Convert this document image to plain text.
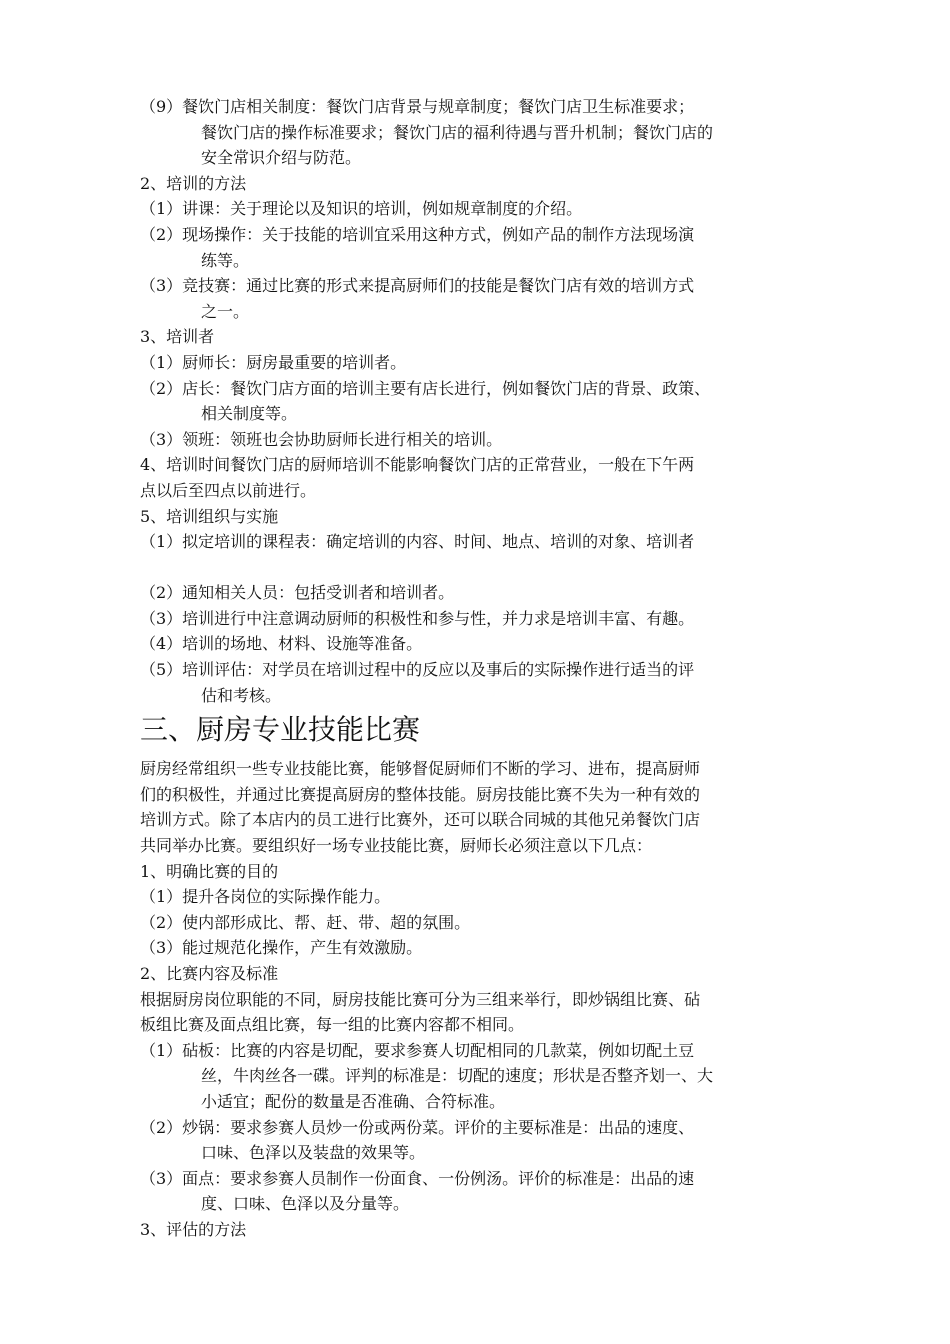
（9）餐饮门店相关制度：餐饮门店背景与规章制度；餐饮门店卫生标准要求；
餐饮门店的操作标准要求；餐饮门店的福利待遇与晋升机制；餐饮门店的
安全常识介绍与防范。
2、培训的方法
（1）讲课：关于理论以及知识的培训，例如规章制度的介绍。
（2）现场操作：关于技能的培训宜采用这种方式，例如产品的制作方法现场演
练等。
（3）竞技赛：通过比赛的形式来提高厨师们的技能是餐饮门店有效的培训方式
之一。
3、培训者
（1）厨师长：厨房最重要的培训者。
（2）店长：餐饮门店方面的培训主要有店长进行，例如餐饮门店的背景、政策、
相关制度等。
（3）领班：领班也会协助厨师长进行相关的培训。
4、培训时间餐饮门店的厨师培训不能影响餐饮门店的正常营业，一般在下午两
点以后至四点以前进行。
5、培训组织与实施
（1）拟定培训的课程表：确定培训的内容、时间、地点、培训的对象、培训者
（2）通知相关人员：包括受训者和培训者。
（3）培训进行中注意调动厨师的积极性和参与性，并力求是培训丰富、有趣。
（4）培训的场地、材料、设施等准备。
（5）培训评估：对学员在培训过程中的反应以及事后的实际操作进行适当的评
估和考核。
三、厨房专业技能比赛
厨房经常组织一些专业技能比赛，能够督促厨师们不断的学习、进布，提高厨师
们的积极性，并通过比赛提高厨房的整体技能。厨房技能比赛不失为一种有效的
培训方式。除了本店内的员工进行比赛外，还可以联合同城的其他兄弟餐饮门店
共同举办比赛。要组织好一场专业技能比赛，厨师长必须注意以下几点：
1、明确比赛的目的
（1）提升各岗位的实际操作能力。
（2）使内部形成比、帮、赶、带、超的氛围。
（3）能过规范化操作，产生有效激励。
2、比赛内容及标准
根据厨房岗位职能的不同，厨房技能比赛可分为三组来举行，即炒锅组比赛、砧
板组比赛及面点组比赛，每一组的比赛内容都不相同。
（1）砧板：比赛的内容是切配，要求参赛人切配相同的几款菜，例如切配土豆
丝，牛肉丝各一碟。评判的标准是：切配的速度；形状是否整齐划一、大
小适宜；配份的数量是否准确、合符标准。
（2）炒锅：要求参赛人员炒一份或两份菜。评价的主要标准是：出品的速度、
口味、色泽以及装盘的效果等。
（3）面点：要求参赛人员制作一份面食、一份例汤。评价的标准是：出品的速
度、口味、色泽以及分量等。
3、评估的方法
